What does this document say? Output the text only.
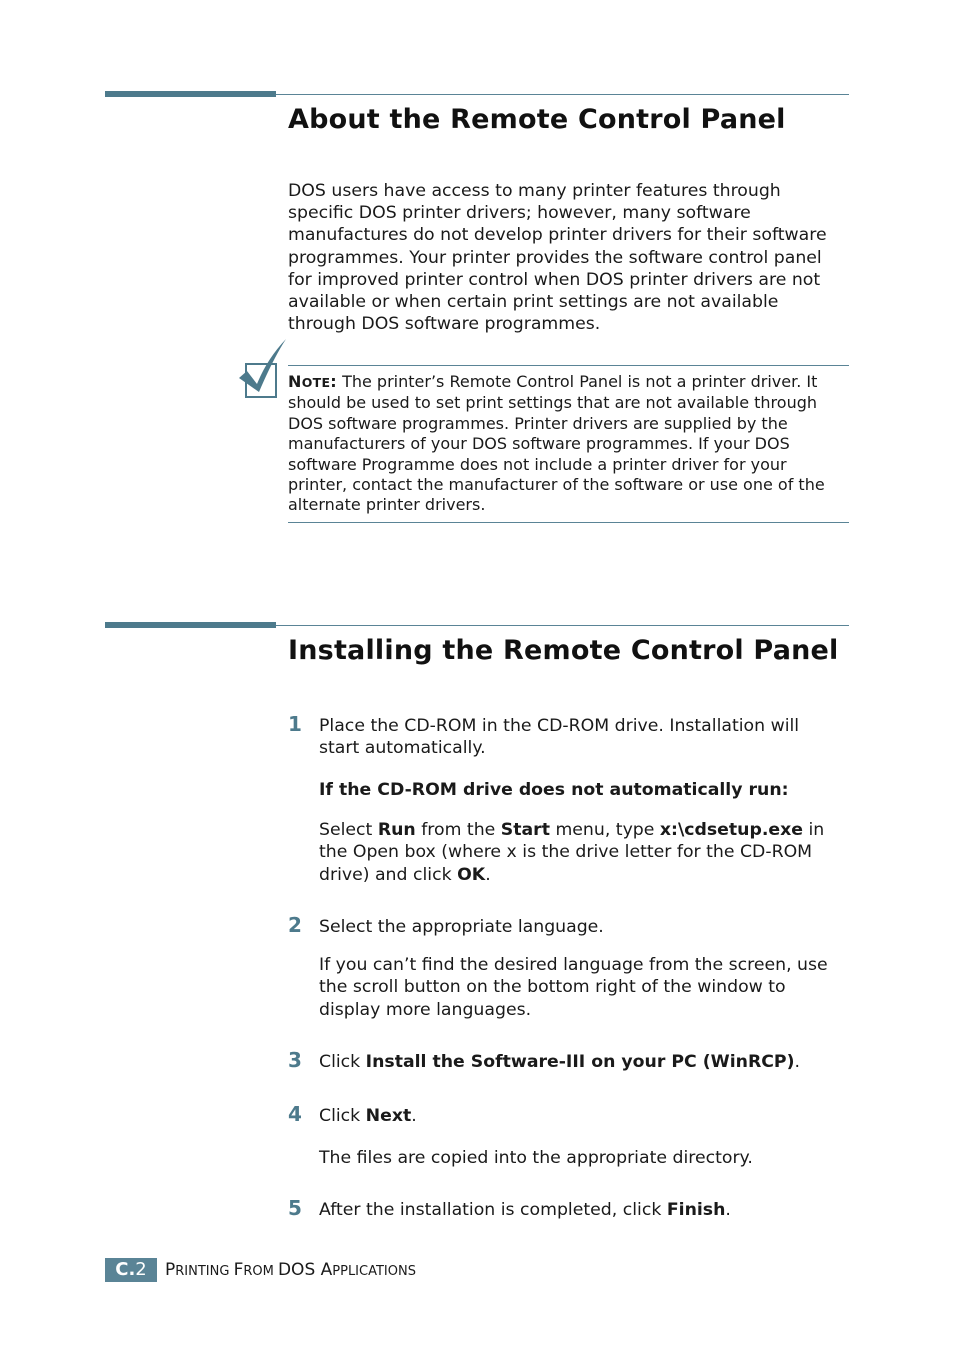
About the Remote Control Panel

DOS users have access to many printer features through specific DOS printer drivers; however, many software manufactures do not develop printer drivers for their software programmes. Your printer provides the software control panel for improved printer control when DOS printer drivers are not available or when certain print settings are not available through DOS software programmes.

NOTE: The printer’s Remote Control Panel is not a printer driver. It should be used to set print settings that are not available through DOS software programmes. Printer drivers are supplied by the manufacturers of your DOS software programmes. If your DOS software Programme does not include a printer driver for your printer, contact the manufacturer of the software or use one of the alternate printer drivers.

Installing the Remote Control Panel
1 Place the CD-ROM in the CD-ROM drive. Installation will start automatically.

If the CD-ROM drive does not automatically run:

Select Run from the Start menu, type x:\cdsetup.exe in the Open box (where x is the drive letter for the CD-ROM drive) and click OK.

2 Select the appropriate language.

If you can’t find the desired language from the screen, use the scroll button on the bottom right of the window to display more languages.

3 Click Install the Software-III on your PC (WinRCP).

4 Click Next.

The files are copied into the appropriate directory.

5 After the installation is completed, click Finish.

C.2	PRINTING FROM DOS APPLICATIONS
